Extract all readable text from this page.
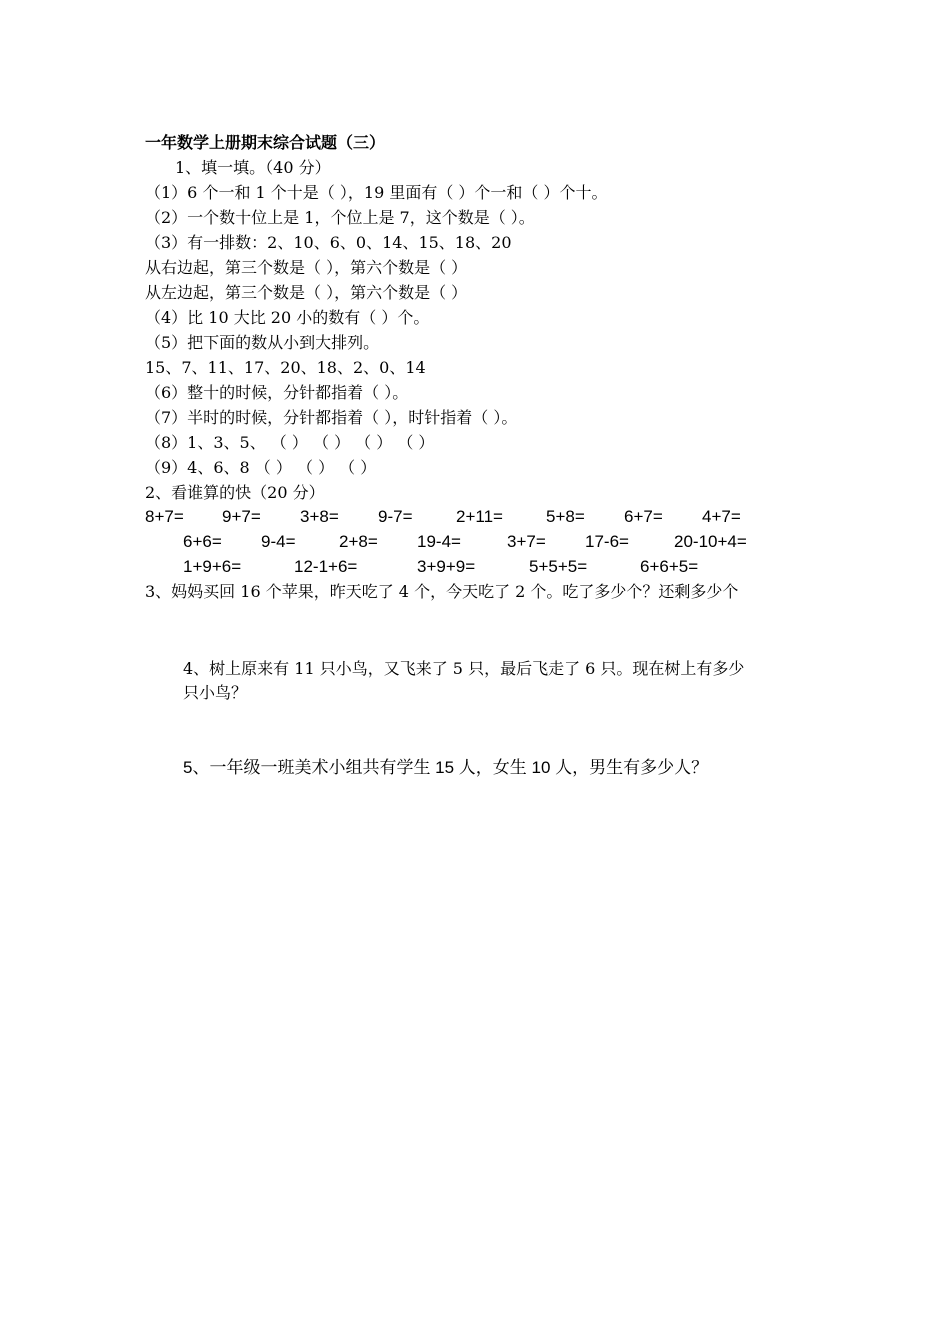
一年数学上册期末综合试题（三）
1、填一填。（40 分）
（1）6 个一和 1 个十是（ ），19 里面有（ ）个一和（ ）个十。
（2）一个数十位上是 1，个位上是 7，这个数是（ ）。
（3）有一排数：2、10、6、0、14、15、18、20
从右边起，第三个数是（ ），第六个数是（ ）
从左边起，第三个数是（ ），第六个数是（ ）
（4）比 10 大比 20 小的数有（ ）个。
（5）把下面的数从小到大排列。
15、7、11、17、20、18、2、0、14
（6）整十的时候，分针都指着（ ）。
（7）半时的时候，分针都指着（ ），时针指着（ ）。
（8）1、3、5、 （ ） （ ） （ ） （ ）
（9）4、6、8 （ ） （ ） （ ）
2、看谁算的快（20 分）
8+7= 9+7= 3+8= 9-7=	2+11=	5+8= 6+7= 4+7=
6+6= 9-4=	2+8= 19-4=	3+7= 17-6=	20-10+4=
1+9+6=	12-1+6=	3+9+9=	5+5+5=	6+6+5=
3、妈妈买回 16 个苹果，昨天吃了 4 个，今天吃了 2 个。吃了多少个？还剩多少个
4、树上原来有 11 只小鸟，又飞来了 5 只，最后飞走了 6 只。现在树上有多少
只小鸟？
5、一年级一班美术小组共有学生 15 人，女生 10 人，男生有多少人？
